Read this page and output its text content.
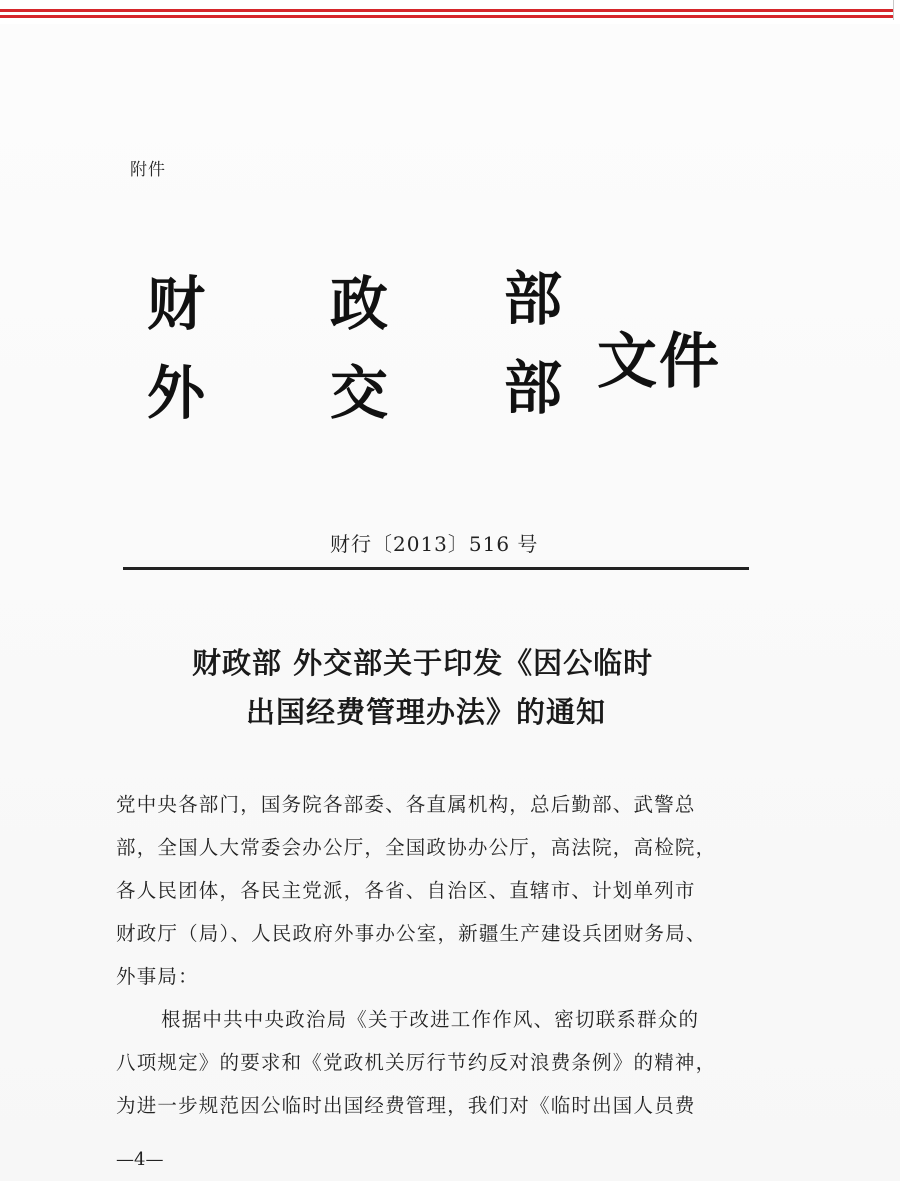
附件
财 政 部
外 交 部 文件
财行〔2013〕516 号
财政部 外交部关于印发《因公临时
出国经费管理办法》的通知
党中央各部门，国务院各部委、各直属机构，总后勤部、武警总
部，全国人大常委会办公厅，全国政协办公厅，高法院，高检院，
各人民团体，各民主党派，各省、自治区、直辖市、计划单列市
财政厅（局）、人民政府外事办公室，新疆生产建设兵团财务局、
外事局：
根据中共中央政治局《关于改进工作作风、密切联系群众的
八项规定》的要求和《党政机关厉行节约反对浪费条例》的精神，
为进一步规范因公临时出国经费管理，我们对《临时出国人员费
—4—
